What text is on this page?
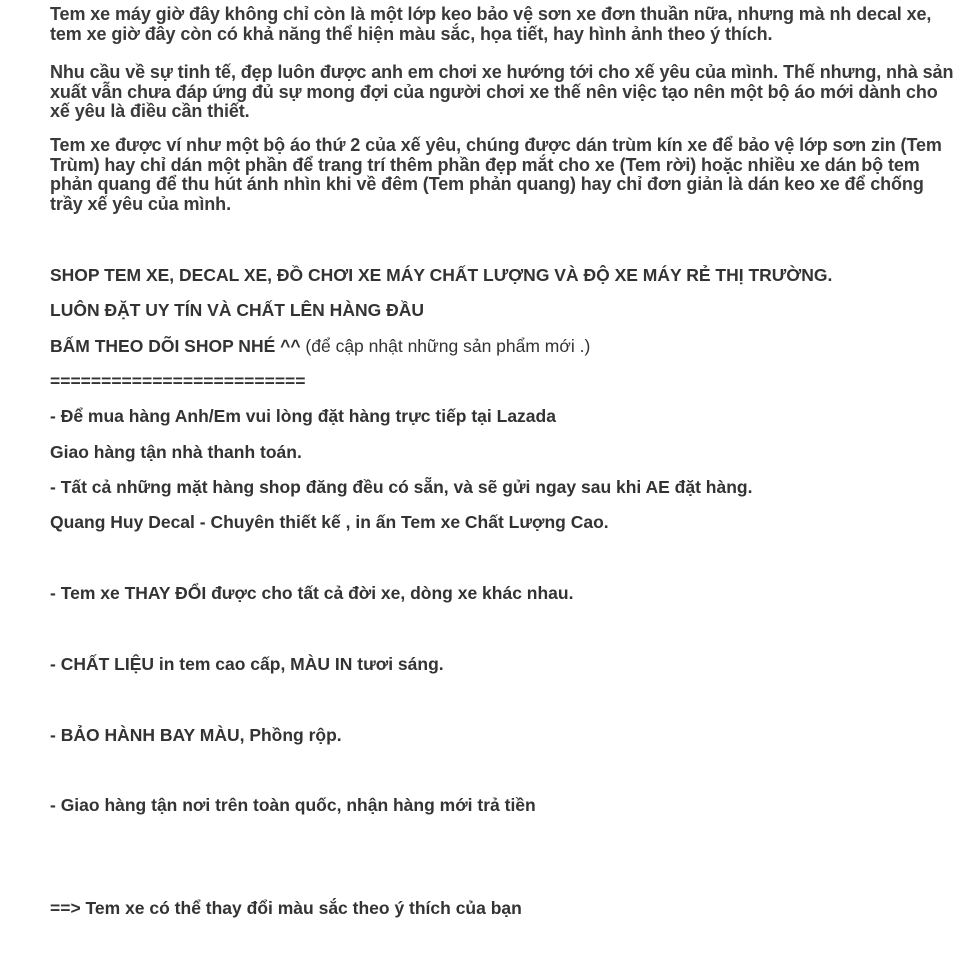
Tem xe máy giờ đây không chỉ còn là một lớp keo bảo vệ sơn xe đơn thuần nữa, nhưng mà nh decal xe, tem xe giờ đây còn có khả năng thể hiện màu sắc, họa tiết, hay hình ảnh theo ý thích.

Nhu cầu về sự tinh tế, đẹp luôn được anh em chơi xe hướng tới cho xế yêu của mình. Thế nhưng, nhà sản xuất vẫn chưa đáp ứng đủ sự mong đợi của người chơi xe thế nên việc tạo nên một bộ áo mới dành cho xế yêu là điều cần thiết.

Tem xe được ví như một bộ áo thứ 2 của xế yêu, chúng được dán trùm kín xe để bảo vệ lớp sơn zin (Tem Trùm) hay chỉ dán một phần để trang trí thêm phần đẹp mắt cho xe (Tem rời) hoặc nhiều xe dán bộ tem phản quang để thu hút ánh nhìn khi về đêm (Tem phản quang) hay chỉ đơn giản là dán keo xe để chống trầy xế yêu của mình.

SHOP TEM XE, DECAL XE, ĐỒ CHƠI XE MÁY CHẤT LƯỢNG VÀ ĐỘ XE MÁY RẺ THỊ TRƯỜNG.
LUÔN ĐẶT UY TÍN VÀ CHẤT LÊN HÀNG ĐẦU
BẤM THEO DÕI SHOP NHÉ ^^ (để cập nhật những sản phẩm mới .)
=========================
- Để mua hàng Anh/Em vui lòng đặt hàng trực tiếp tại Lazada
Giao hàng tận nhà thanh toán.
- Tất cả những mặt hàng shop đăng đều có sẵn, và sẽ gửi ngay sau khi AE đặt hàng.
Quang Huy Decal - Chuyên thiết kế , in ấn Tem xe Chất Lượng Cao.
- Tem xe THAY ĐỔI được cho tất cả đời xe, dòng xe khác nhau.
- CHẤT LIỆU in tem cao cấp, MÀU IN tươi sáng.
- BẢO HÀNH BAY MÀU, Phồng rộp.
- Giao hàng tận nơi trên toàn quốc, nhận hàng mới trả tiền
==> Tem xe có thể thay đổi màu sắc theo ý thích của bạn
